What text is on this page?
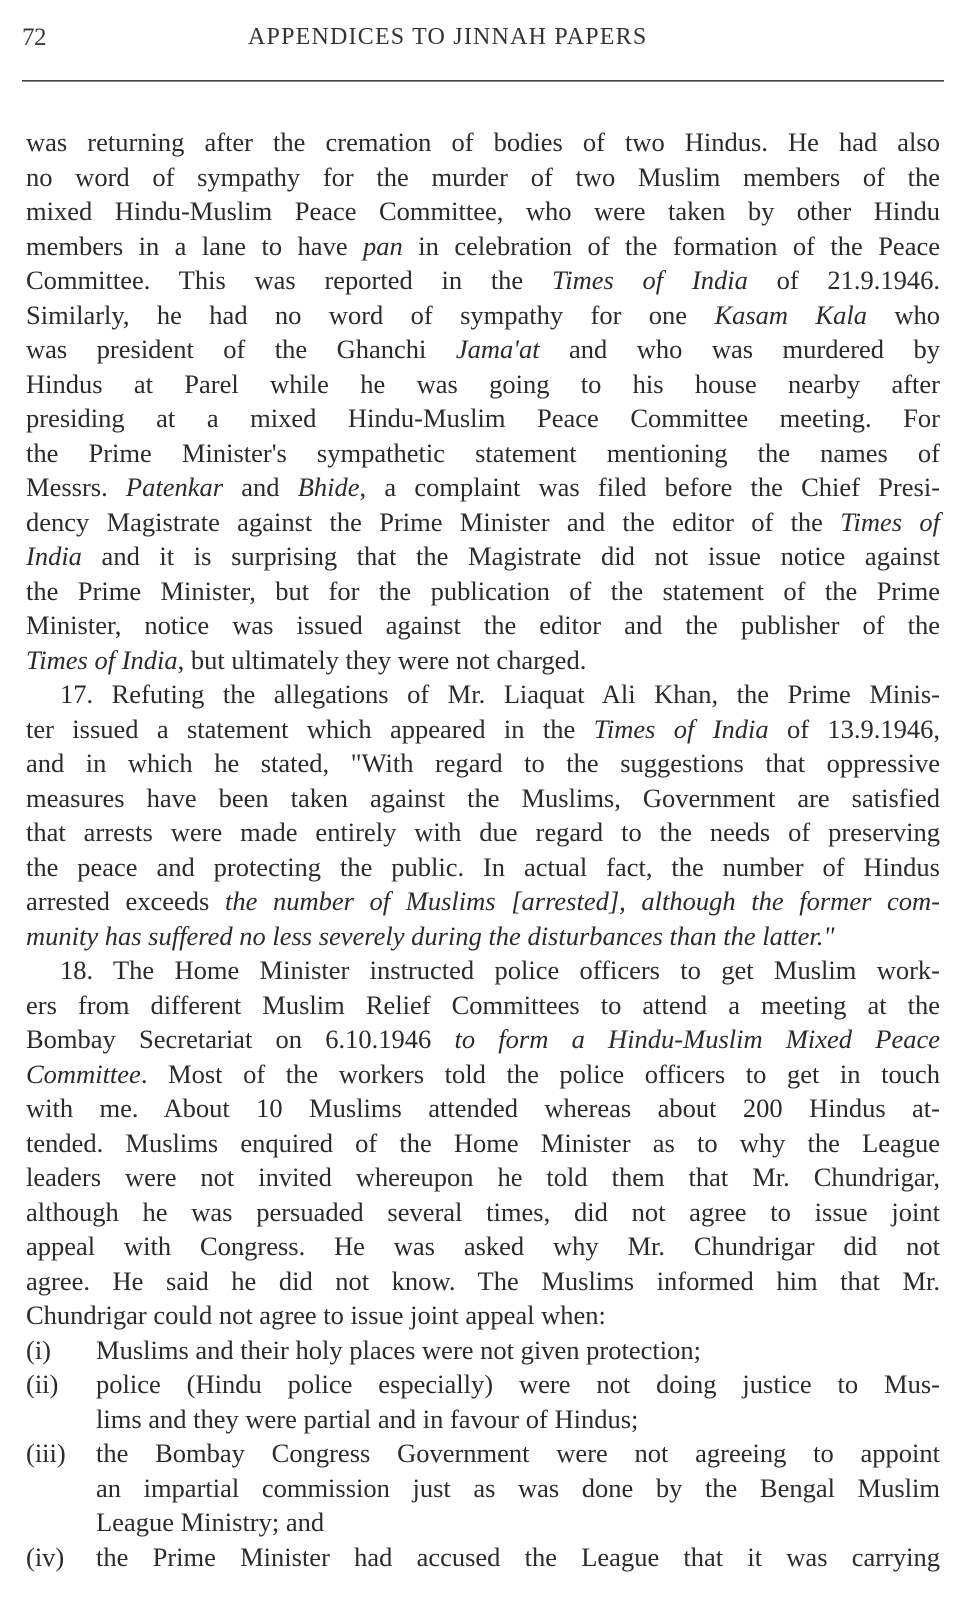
72	APPENDICES TO JINNAH PAPERS
was returning after the cremation of bodies of two Hindus. He had also
no word of sympathy for the murder of two Muslim members of the
mixed Hindu-Muslim Peace Committee, who were taken by other Hindu
members in a lane to have pan in celebration of the formation of the Peace
Committee. This was reported in the Times of India of 21.9.1946.
Similarly, he had no word of sympathy for one Kasam Kala who
was president of the Ghanchi Jama'at and who was murdered by
Hindus at Parel while he was going to his house nearby after
presiding at a mixed Hindu-Muslim Peace Committee meeting. For
the Prime Minister's sympathetic statement mentioning the names of
Messrs. Patenkar and Bhide, a complaint was filed before the Chief Presi-
dency Magistrate against the Prime Minister and the editor of the Times of
India and it is surprising that the Magistrate did not issue notice against
the Prime Minister, but for the publication of the statement of the Prime
Minister, notice was issued against the editor and the publisher of the
Times of India, but ultimately they were not charged.
17. Refuting the allegations of Mr. Liaquat Ali Khan, the Prime Minis-
ter issued a statement which appeared in the Times of India of 13.9.1946,
and in which he stated, "With regard to the suggestions that oppressive
measures have been taken against the Muslims, Government are satisfied
that arrests were made entirely with due regard to the needs of preserving
the peace and protecting the public. In actual fact, the number of Hindus
arrested exceeds the number of Muslims [arrested], although the former com-
munity has suffered no less severely during the disturbances than the latter."
18. The Home Minister instructed police officers to get Muslim work-
ers from different Muslim Relief Committees to attend a meeting at the
Bombay Secretariat on 6.10.1946 to form a Hindu-Muslim Mixed Peace
Committee. Most of the workers told the police officers to get in touch
with me. About 10 Muslims attended whereas about 200 Hindus at-
tended. Muslims enquired of the Home Minister as to why the League
leaders were not invited whereupon he told them that Mr. Chundrigar,
although he was persuaded several times, did not agree to issue joint
appeal with Congress. He was asked why Mr. Chundrigar did not
agree. He said he did not know. The Muslims informed him that Mr.
Chundrigar could not agree to issue joint appeal when:
(i)	Muslims and their holy places were not given protection;
(ii)	police (Hindu police especially) were not doing justice to Mus-
lims and they were partial and in favour of Hindus;
(iii)	the Bombay Congress Government were not agreeing to appoint
an impartial commission just as was done by the Bengal Muslim
League Ministry; and
(iv)	the Prime Minister had accused the League that it was carrying
